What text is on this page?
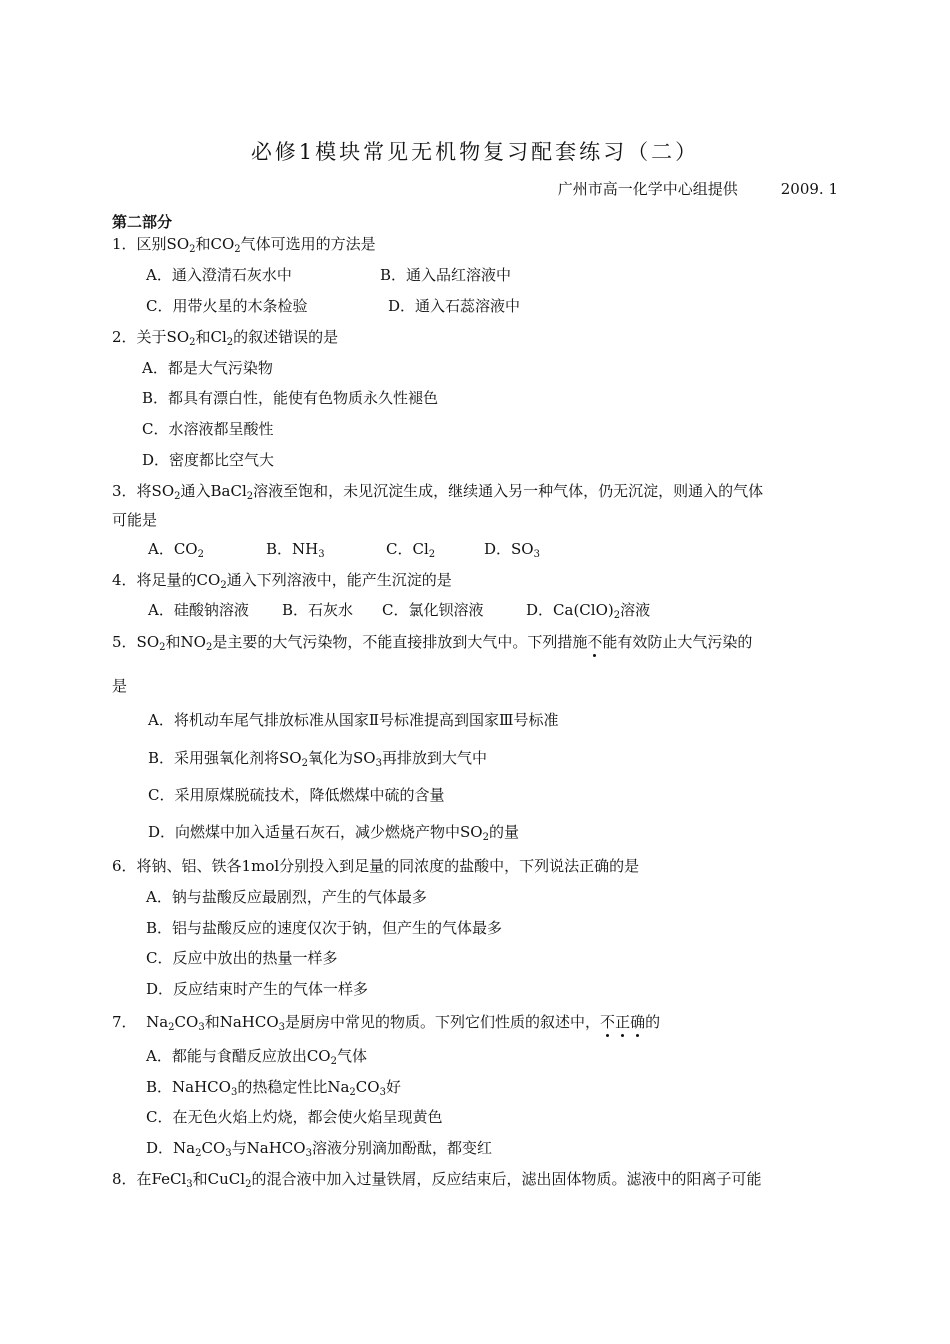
必修1模块常见无机物复习配套练习（二）
广州市高一化学中心组提供	2009. 1
第二部分
1．区别$SO_2$和$CO_2$气体可选用的方法是
A．通入澄清石灰水中	B．通入品红溶液中
C．用带火星的木条检验	D．通入石蕊溶液中
2．关于$SO_2$和$Cl_2$的叙述错误的是
A．都是大气污染物
B．都具有漂白性，能使有色物质永久性褪色
C．水溶液都呈酸性
D．密度都比空气大
3．将$SO_2$通入BaCl$_2$溶液至饱和，未见沉淀生成，继续通入另一种气体，仍无沉淀，则通入的气体
可能是
A．$CO_2$	B．$NH_3$	C．$Cl_2$	D．$SO_3$
4．将足量的$CO_2$通入下列溶液中，能产生沉淀的是
A．硅酸钠溶液 B．石灰水 C．氯化钡溶液	D．$Ca(ClO)_2$溶液
5．$SO_2$和$NO_2$是主要的大气污染物，不能直接排放到大气中。下列措施不能有效防止大气污染的
是
A．将机动车尾气排放标准从国家Ⅱ号标准提高到国家Ⅲ号标准
B．采用强氧化剂将$SO_2$氧化为$SO_3$再排放到大气中
C．采用原煤脱硫技术，降低燃煤中硫的含量
D．向燃煤中加入适量石灰石，减少燃烧产物中$SO_2$的量
6．将钠、铝、铁各1mol分别投入到足量的同浓度的盐酸中，下列说法正确的是
A．钠与盐酸反应最剧烈，产生的气体最多
B．铝与盐酸反应的速度仅次于钠，但产生的气体最多
C．反应中放出的热量一样多
D．反应结束时产生的气体一样多
7． $Na_2CO_3$和NaHCO$_3$是厨房中常见的物质。下列它们性质的叙述中，不正确的
A．都能与食醋反应放出$CO_2$气体
B．NaHCO$_3$的热稳定性比$Na_2CO_3$好
C．在无色火焰上灼烧，都会使火焰呈现黄色
D．$Na_2CO_3$与NaHCO$_3$溶液分别滴加酚酞，都变红
8．在FeCl$_3$和CuCl$_2$的混合液中加入过量铁屑，反应结束后，滤出固体物质。滤液中的阳离子可能
